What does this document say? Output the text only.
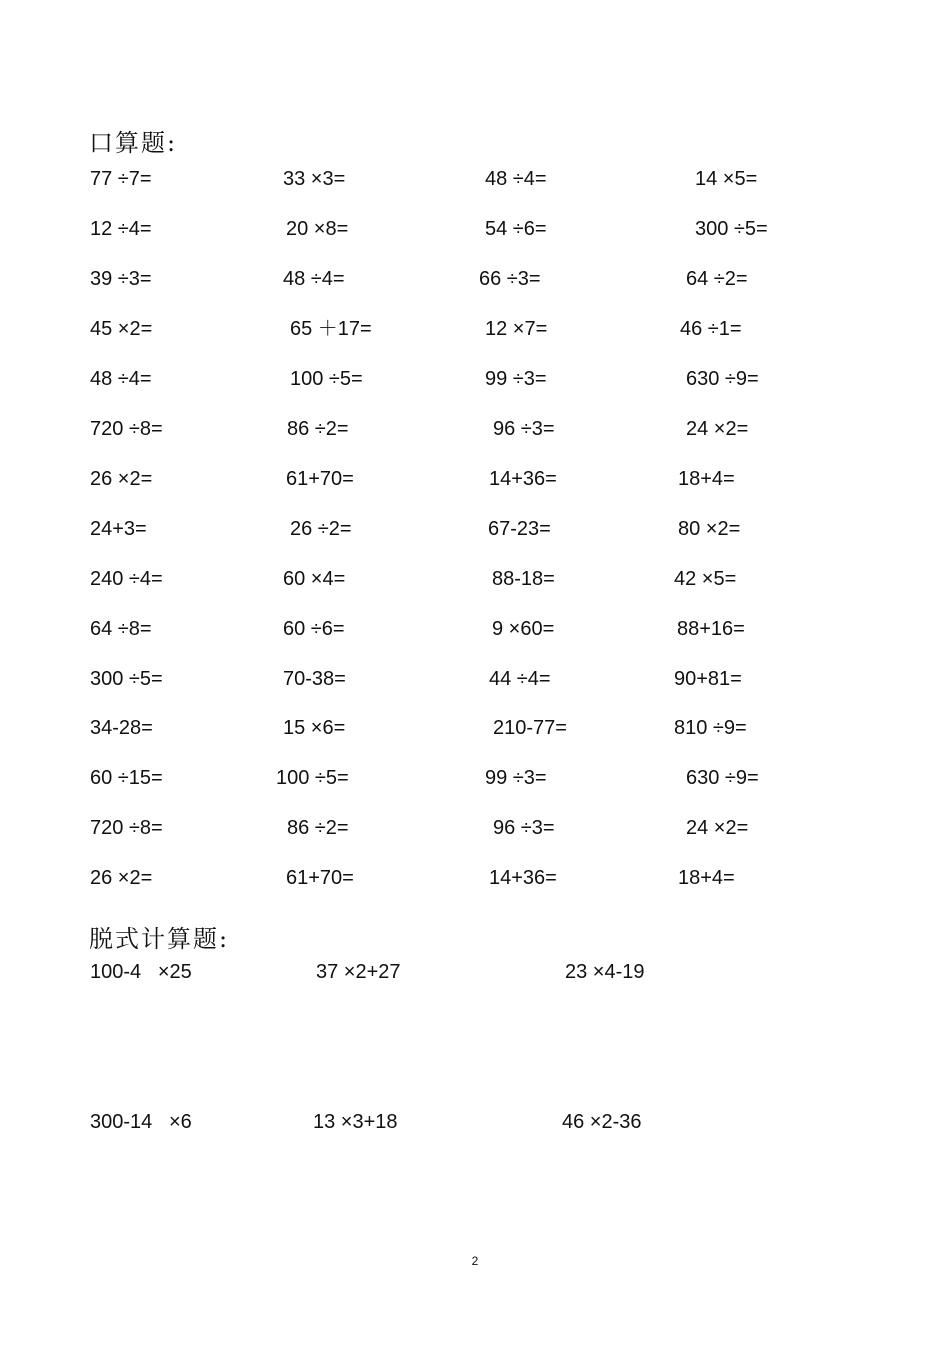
口算题:
77 ÷7=	33 ×3=	48 ÷4=	14 ×5=
12 ÷4=	20 ×8=	54 ÷6=	300 ÷5=
39 ÷3=	48 ÷4=	66 ÷3=	64 ÷2=
45 ×2=	65 ＋17=	12 ×7=	46 ÷1=
48 ÷4=	100 ÷5=	99 ÷3=	630 ÷9=
720 ÷8=	86 ÷2=	96 ÷3=	24 ×2=
26 ×2=	61+70=	14+36=	18+4=
24+3=	26 ÷2=	67-23=	80 ×2=
240 ÷4=	60 ×4=	88-18=	42 ×5=
64 ÷8=	60 ÷6=	9 ×60=	88+16=
300 ÷5=	70-38=	44 ÷4=	90+81=
34-28=	15 ×6=	210-77=	810 ÷9=
60 ÷15=	100 ÷5=	99 ÷3=	630 ÷9=
720 ÷8=	86 ÷2=	96 ÷3=	24 ×2=
26 ×2=	61+70=	14+36=	18+4=
脱式计算题:
100-4   ×25	37 ×2+27	23 ×4-19
300-14   ×6	13 ×3+18	46 ×2-36
2
